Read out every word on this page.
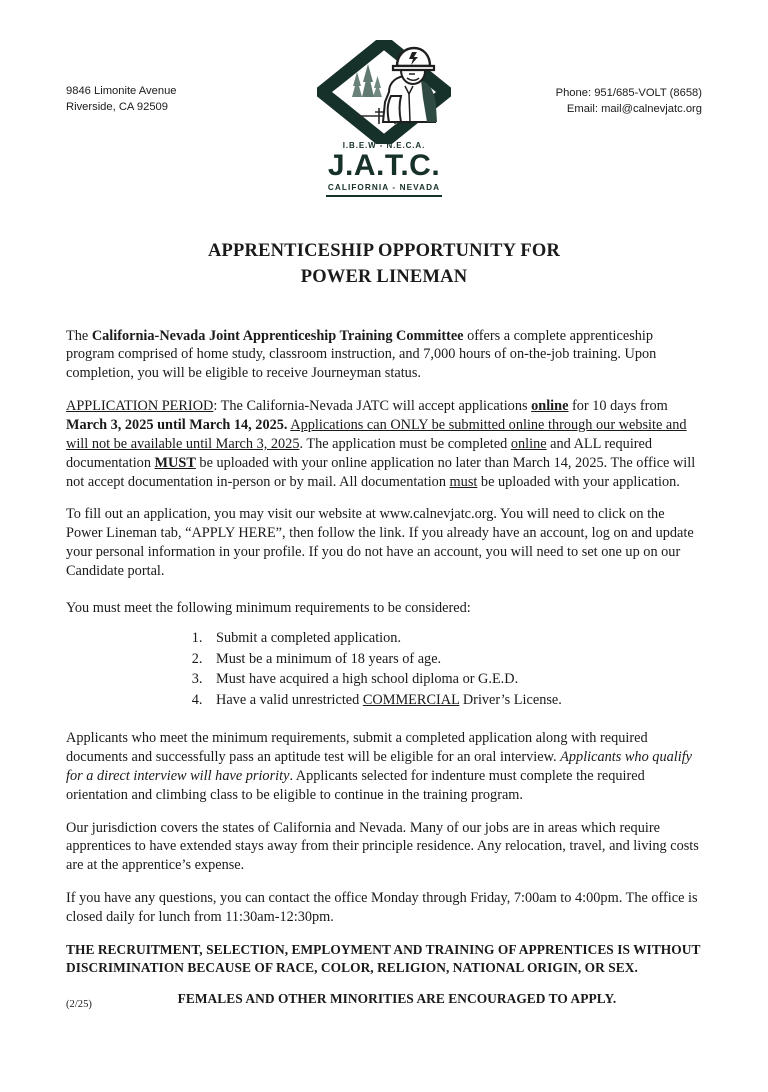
9846 Limonite Avenue
Riverside, CA 92509
Phone: 951/685-VOLT (8658)
Email: mail@calnevjatc.org
I.B.E.W - N.E.C.A.
J.A.T.C.
CALIFORNIA - NEVADA
APPRENTICESHIP OPPORTUNITY FOR
POWER LINEMAN

The California-Nevada Joint Apprenticeship Training Committee offers a complete apprenticeship program comprised of home study, classroom instruction, and 7,000 hours of on-the-job training. Upon completion, you will be eligible to receive Journeyman status.

APPLICATION PERIOD: The California-Nevada JATC will accept applications online for 10 days from March 3, 2025 until March 14, 2025. Applications can ONLY be submitted online through our website and will not be available until March 3, 2025. The application must be completed online and ALL required documentation MUST be uploaded with your online application no later than March 14, 2025. The office will not accept documentation in-person or by mail. All documentation must be uploaded with your application.

To fill out an application, you may visit our website at www.calnevjatc.org. You will need to click on the Power Lineman tab, “APPLY HERE”, then follow the link. If you already have an account, log on and update your personal information in your profile. If you do not have an account, you will need to set one up on our Candidate portal.

You must meet the following minimum requirements to be considered:

1. Submit a completed application.
2. Must be a minimum of 18 years of age.
3. Must have acquired a high school diploma or G.E.D.
4. Have a valid unrestricted COMMERCIAL Driver’s License.

Applicants who meet the minimum requirements, submit a completed application along with required documents and successfully pass an aptitude test will be eligible for an oral interview. Applicants who qualify for a direct interview will have priority. Applicants selected for indenture must complete the required orientation and climbing class to be eligible to continue in the training program.

Our jurisdiction covers the states of California and Nevada. Many of our jobs are in areas which require apprentices to have extended stays away from their principle residence. Any relocation, travel, and living costs are at the apprentice’s expense.

If you have any questions, you can contact the office Monday through Friday, 7:00am to 4:00pm. The office is closed daily for lunch from 11:30am-12:30pm.

THE RECRUITMENT, SELECTION, EMPLOYMENT AND TRAINING OF APPRENTICES IS WITHOUT DISCRIMINATION BECAUSE OF RACE, COLOR, RELIGION, NATIONAL ORIGIN, OR SEX.

FEMALES AND OTHER MINORITIES ARE ENCOURAGED TO APPLY.

(2/25)
